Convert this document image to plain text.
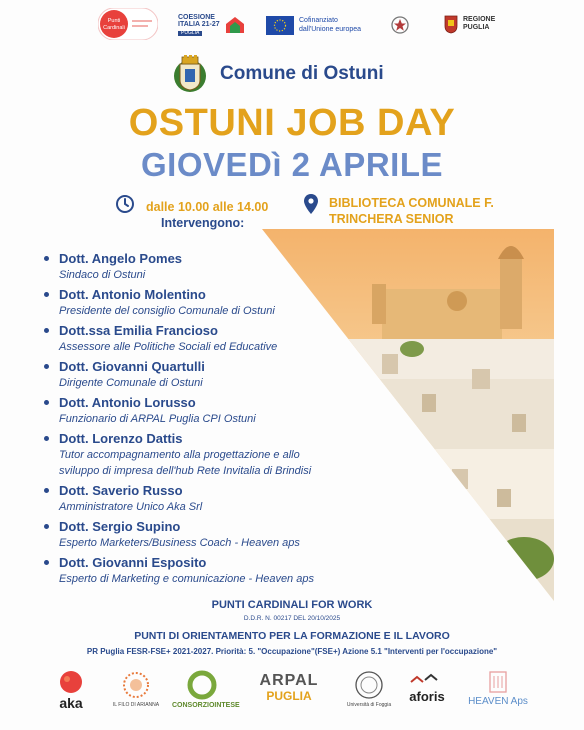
Punti
Cardinali
COESIONE
ITALIA 21-27
PUGLIA
Cofinanziato
dall'Unione europea
REGIONE
PUGLIA
Comune di Ostuni
OSTUNI JOB DAY
GIOVEDì 2 APRILE
dalle 10.00 alle 14.00	BIBLIOTECA COMUNALE F.
TRINCHERA SENIOR
Intervengono:
Dott. Angelo Pomes
Sindaco di Ostuni
Dott. Antonio Molentino
Presidente del consiglio Comunale di Ostuni
Dott.ssa Emilia Francioso
Assessore alle Politiche Sociali ed Educative
Dott. Giovanni Quartulli
Dirigente Comunale di Ostuni
Dott. Antonio Lorusso
Funzionario di ARPAL Puglia CPI Ostuni
Dott. Lorenzo Dattis
Tutor accompagnamento alla progettazione e allo
sviluppo di impresa dell'hub Rete Invitalia di Brindisi
Dott. Saverio Russo
Amministratore Unico Aka Srl
Dott. Sergio Supino
Esperto Marketers/Business Coach - Heaven aps
Dott. Giovanni Esposito
Esperto di Marketing e comunicazione - Heaven aps
PUNTI CARDINALI FOR WORK
D.D.R. N. 00217 DEL 20/10/2025
PUNTI DI ORIENTAMENTO PER LA FORMAZIONE E IL LAVORO
PR Puglia FESR-FSE+ 2021-2027. Priorità: 5. "Occupazione"(FSE+) Azione 5.1 "Interventi per l'occupazione"
aka	IL FILO DI ARIANNA CONSORZIOINTESE
ARPAL
PUGLIA
Università di Foggia
aforis	HEAVEN Aps
